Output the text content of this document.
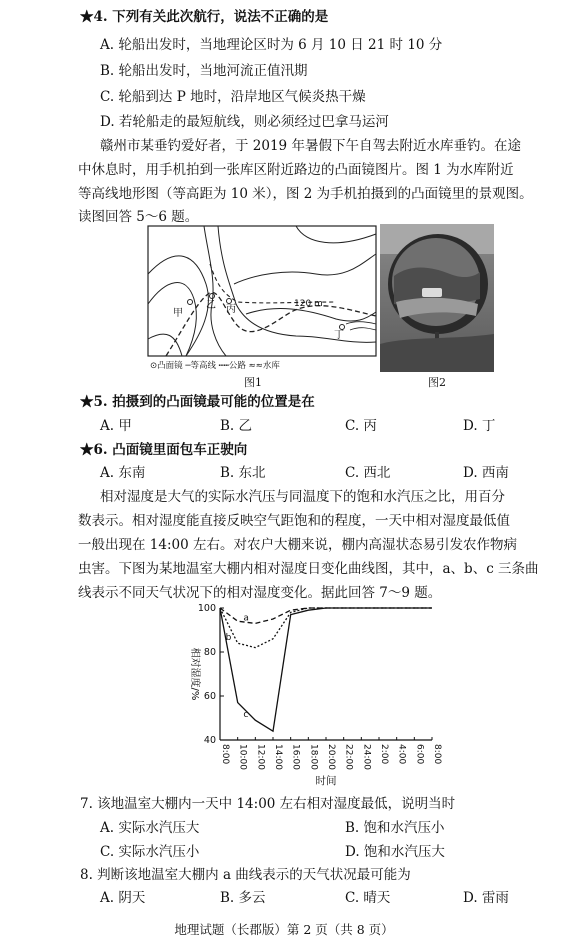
★4. 下列有关此次航行，说法不正确的是
A. 轮船出发时，当地理论区时为 6 月 10 日 21 时 10 分
B. 轮船出发时，当地河流正值汛期
C. 轮船到达 P 地时，沿岸地区气候炎热干燥
D. 若轮船走的最短航线，则必须经过巴拿马运河
赣州市某垂钓爱好者，于 2019 年暑假下午自驾去附近水库垂钓。在途
中休息时，用手机拍到一张库区附近路边的凸面镜图片。图 1 为水库附近
等高线地形图（等高距为 10 米），图 2 为手机拍摄到的凸面镜里的景观图。
读图回答 5～6 题。
甲
乙 丙
丁
120 m
⊙凸面镜 ─等高线 ┅┅公路 ≈≈水库
图1	图2
★5. 拍摄到的凸面镜最可能的位置是在
A. 甲	B. 乙	C. 丙	D. 丁
★6. 凸面镜里面包车正驶向
A. 东南	B. 东北	C. 西北	D. 西南
相对湿度是大气的实际水汽压与同温度下的饱和水汽压之比，用百分
数表示。相对湿度能直接反映空气距饱和的程度，一天中相对湿度最低值
一般出现在 14:00 左右。对农户大棚来说，棚内高湿状态易引发农作物病
虫害。下图为某地温室大棚内相对湿度日变化曲线图，其中，a、b、c 三条曲
线表示不同天气状况下的相对湿度变化。据此回答 7～9 题。
40
60
80
100
8:00 10:00 12:00 14:00 16:00 18:00 20:00 22:00 24:00 2:00 4:00 6:00 8:00
相对湿度/%
时间
a
b
c
7. 该地温室大棚内一天中 14:00 左右相对湿度最低，说明当时
A. 实际水汽压大	B. 饱和水汽压小
C. 实际水汽压小	D. 饱和水汽压大
8. 判断该地温室大棚内 a 曲线表示的天气状况最可能为
A. 阴天	B. 多云	C. 晴天	D. 雷雨
地理试题（长郡版）第 2 页（共 8 页）
